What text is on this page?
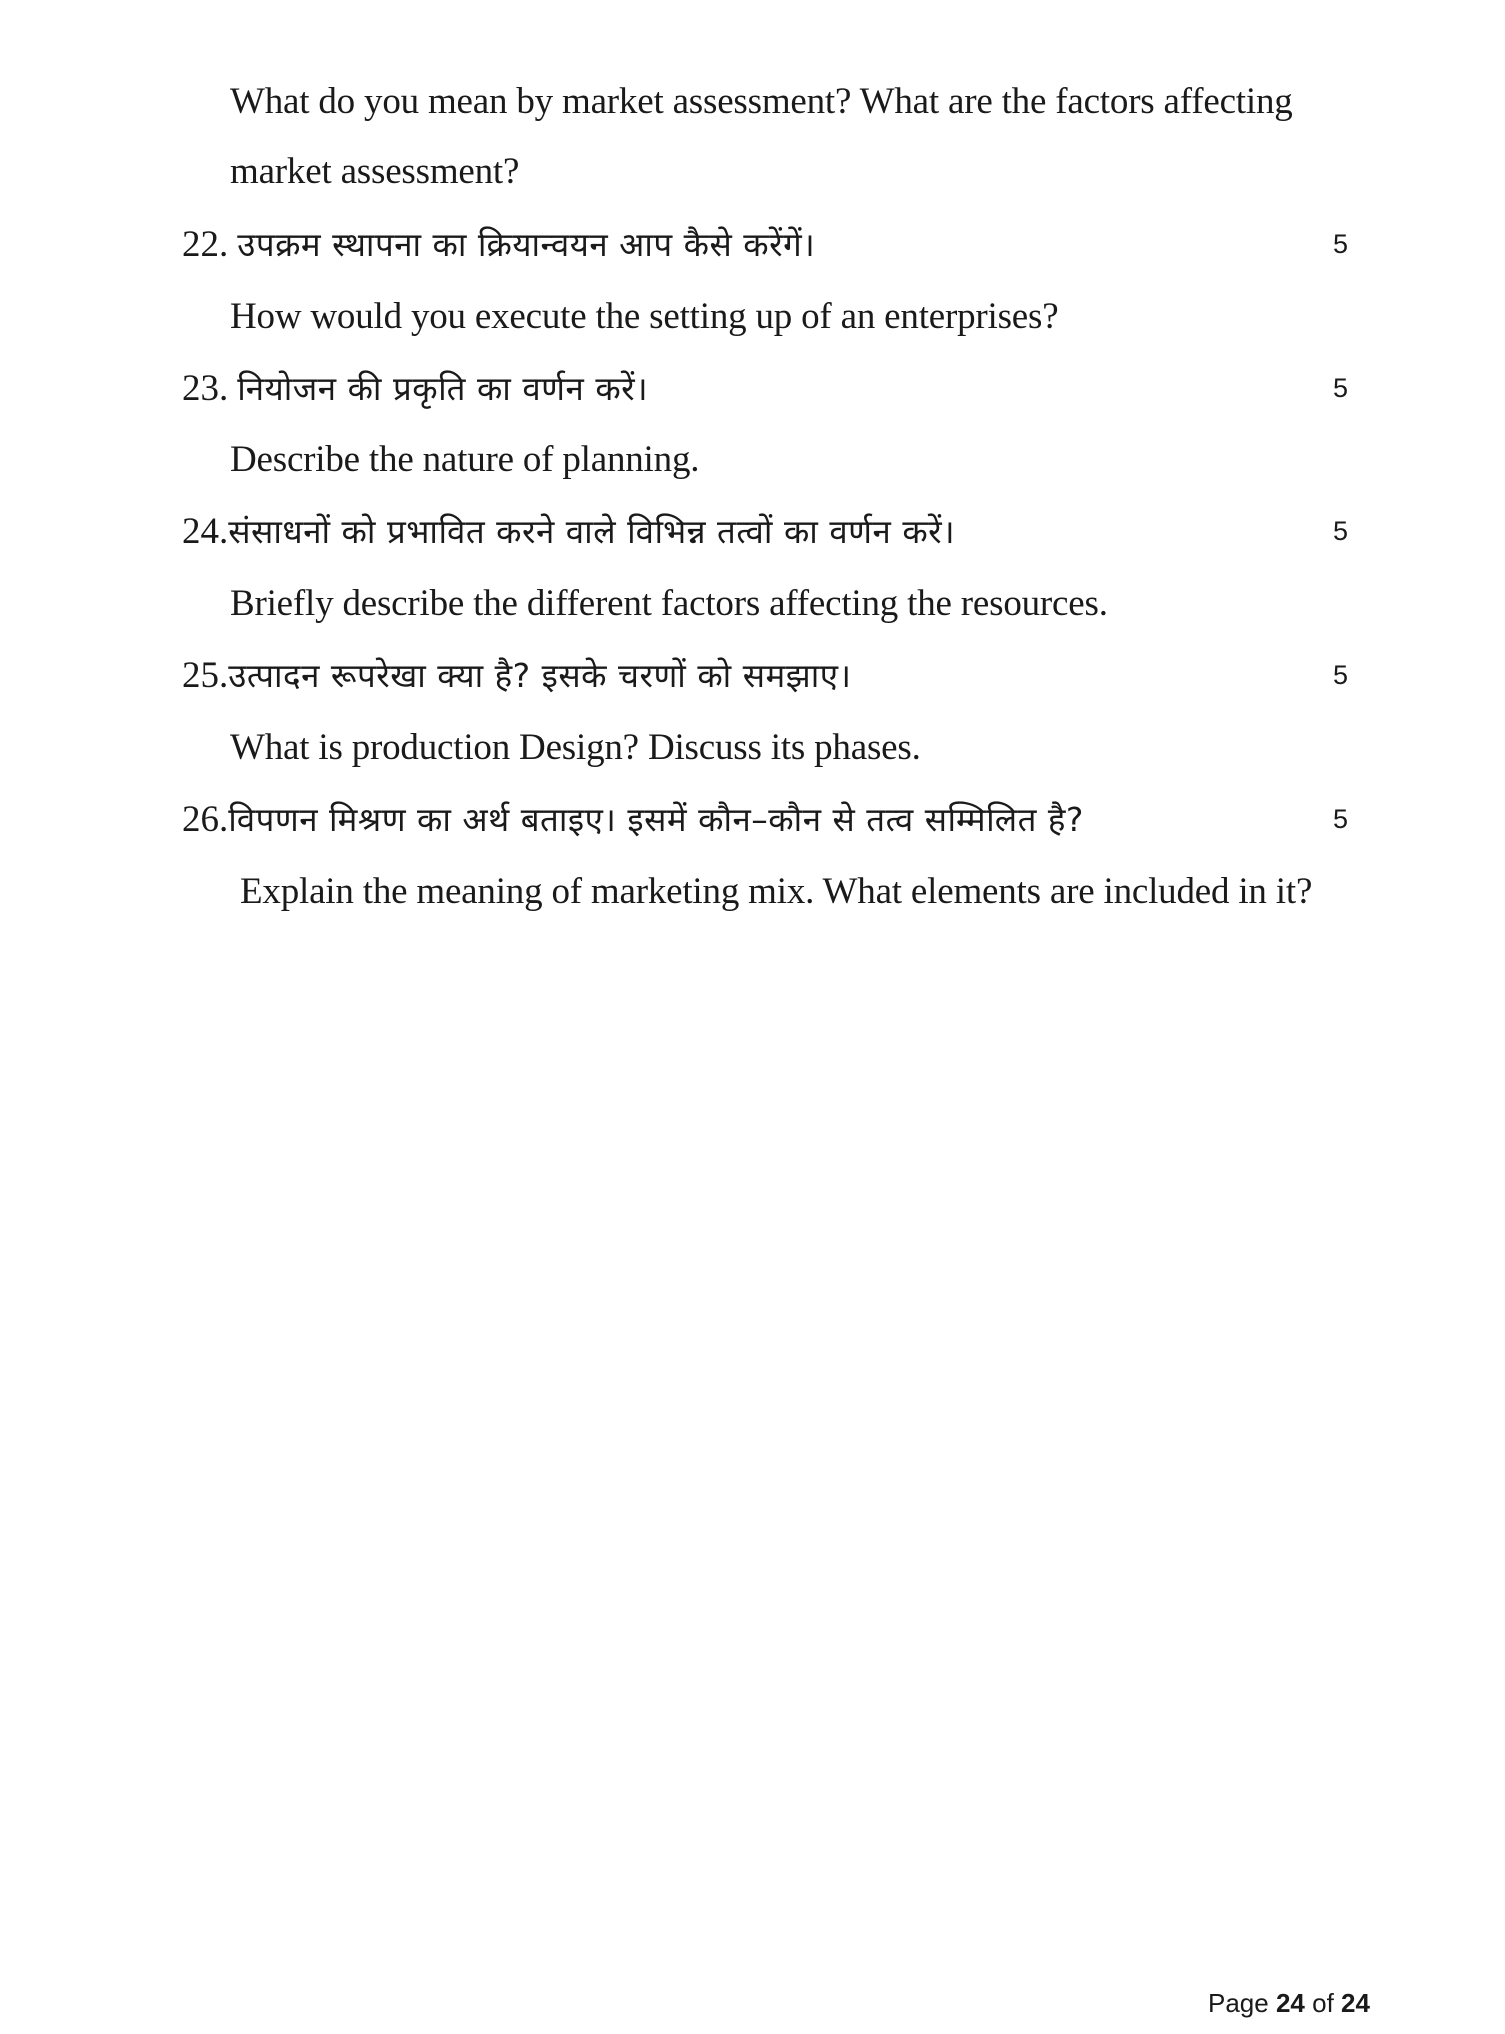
What do you mean by market assessment? What are the factors affecting
market assessment?
22. उपक्रम स्थापना का क्रियान्वयन आप कैसे करेंगें।	5
How would you execute the setting up of an enterprises?
23. नियोजन की प्रकृति का वर्णन करें।	5
Describe the nature of planning.
24.संसाधनों को प्रभावित करने वाले विभिन्न तत्वों का वर्णन करें।	5
Briefly describe the different factors affecting the resources.
25.उत्पादन रूपरेखा क्या है? इसके चरणों को समझाए।	5
What is production Design? Discuss its phases.
26.विपणन मिश्रण का अर्थ बताइए। इसमें कौन–कौन से तत्व सम्मिलित है?	5
Explain the meaning of marketing mix. What elements are included in it?
Page 24 of 24
